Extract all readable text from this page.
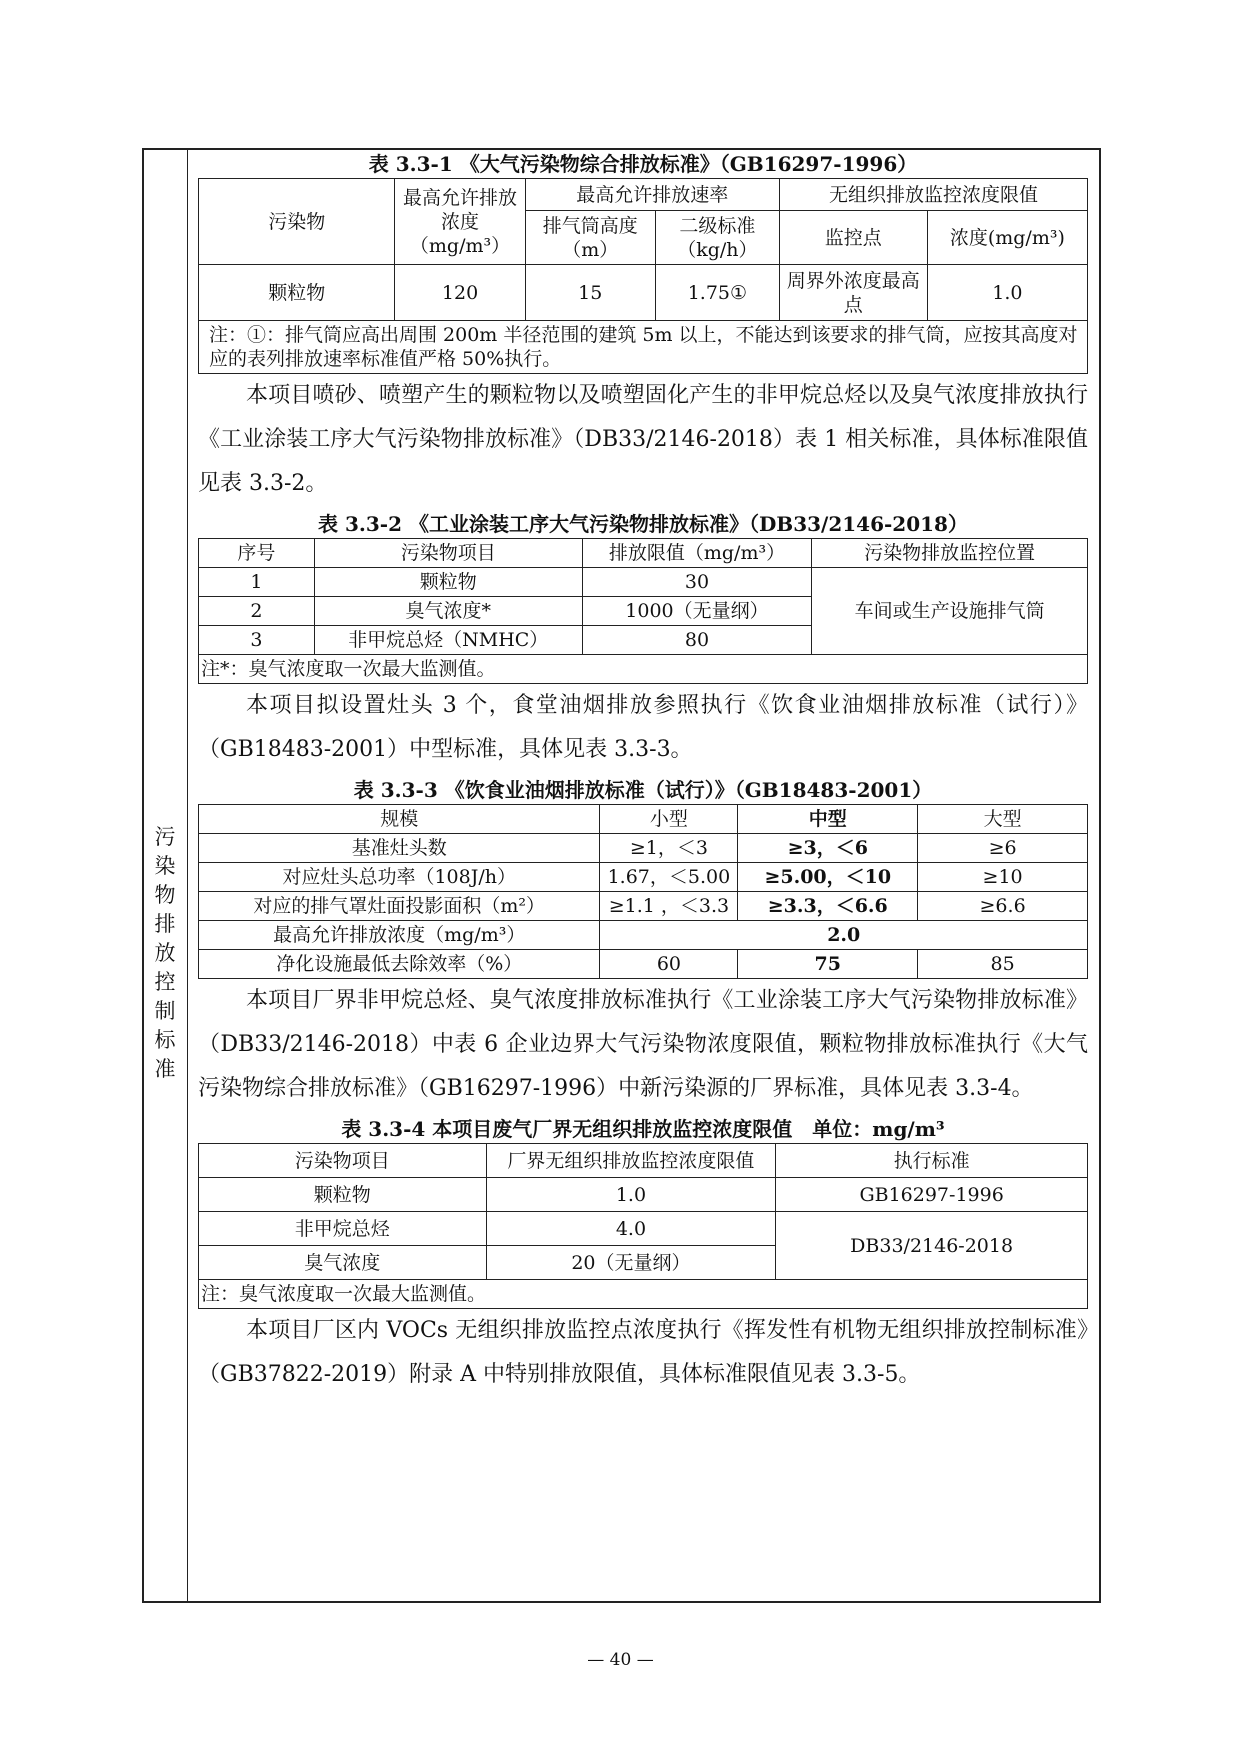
污染物排放控制标准

表 3.3-1 《大气污染物综合排放标准》（GB16297-1996）

污染物	最高允许排放浓度（mg/m³）	最高允许排放速率		无组织排放监控浓度限值	
		排气筒高度（m）	二级标准（kg/h）	监控点	浓度(mg/m³)
颗粒物	120	15	1.75①	周界外浓度最高点	1.0
注：①：排气筒应高出周围 200m 半径范围的建筑 5m 以上，不能达到该要求的排气筒，应按其高度对应的表列排放速率标准值严格 50%执行。					

本项目喷砂、喷塑产生的颗粒物以及喷塑固化产生的非甲烷总烃以及臭气浓度排放执行《工业涂装工序大气污染物排放标准》（DB33/2146-2018）表 1 相关标准，具体标准限值见表 3.3-2。

表 3.3-2 《工业涂装工序大气污染物排放标准》（DB33/2146-2018）

序号	污染物项目	排放限值（mg/m³）	污染物排放监控位置
1	颗粒物	30	车间或生产设施排气筒
2	臭气浓度*	1000（无量纲）	
3	非甲烷总烃（NMHC）	80	
注*：臭气浓度取一次最大监测值。			

本项目拟设置灶头 3 个，食堂油烟排放参照执行《饮食业油烟排放标准（试行）》（GB18483-2001）中型标准，具体见表 3.3-3。

表 3.3-3 《饮食业油烟排放标准（试行）》（GB18483-2001）

规模	小型	中型	大型
基准灶头数	≥1，＜3	≥3，＜6	≥6
对应灶头总功率（108J/h）	1.67，＜5.00	≥5.00，＜10	≥10
对应的排气罩灶面投影面积（m²）	≥1.1 ，＜3.3	≥3.3，＜6.6	≥6.6
最高允许排放浓度（mg/m³）	2.0		
净化设施最低去除效率（%）	60	75	85

本项目厂界非甲烷总烃、臭气浓度排放标准执行《工业涂装工序大气污染物排放标准》（DB33/2146-2018）中表 6 企业边界大气污染物浓度限值，颗粒物排放标准执行《大气污染物综合排放标准》（GB16297-1996）中新污染源的厂界标准，具体见表 3.3-4。

表 3.3-4 本项目废气厂界无组织排放监控浓度限值　单位：mg/m³

污染物项目	厂界无组织排放监控浓度限值	执行标准
颗粒物	1.0	GB16297-1996
非甲烷总烃	4.0	DB33/2146-2018
臭气浓度	20（无量纲）	
注：臭气浓度取一次最大监测值。		

本项目厂区内 VOCs 无组织排放监控点浓度执行《挥发性有机物无组织排放控制标准》（GB37822-2019）附录 A 中特别排放限值，具体标准限值见表 3.3-5。

— 40 —
